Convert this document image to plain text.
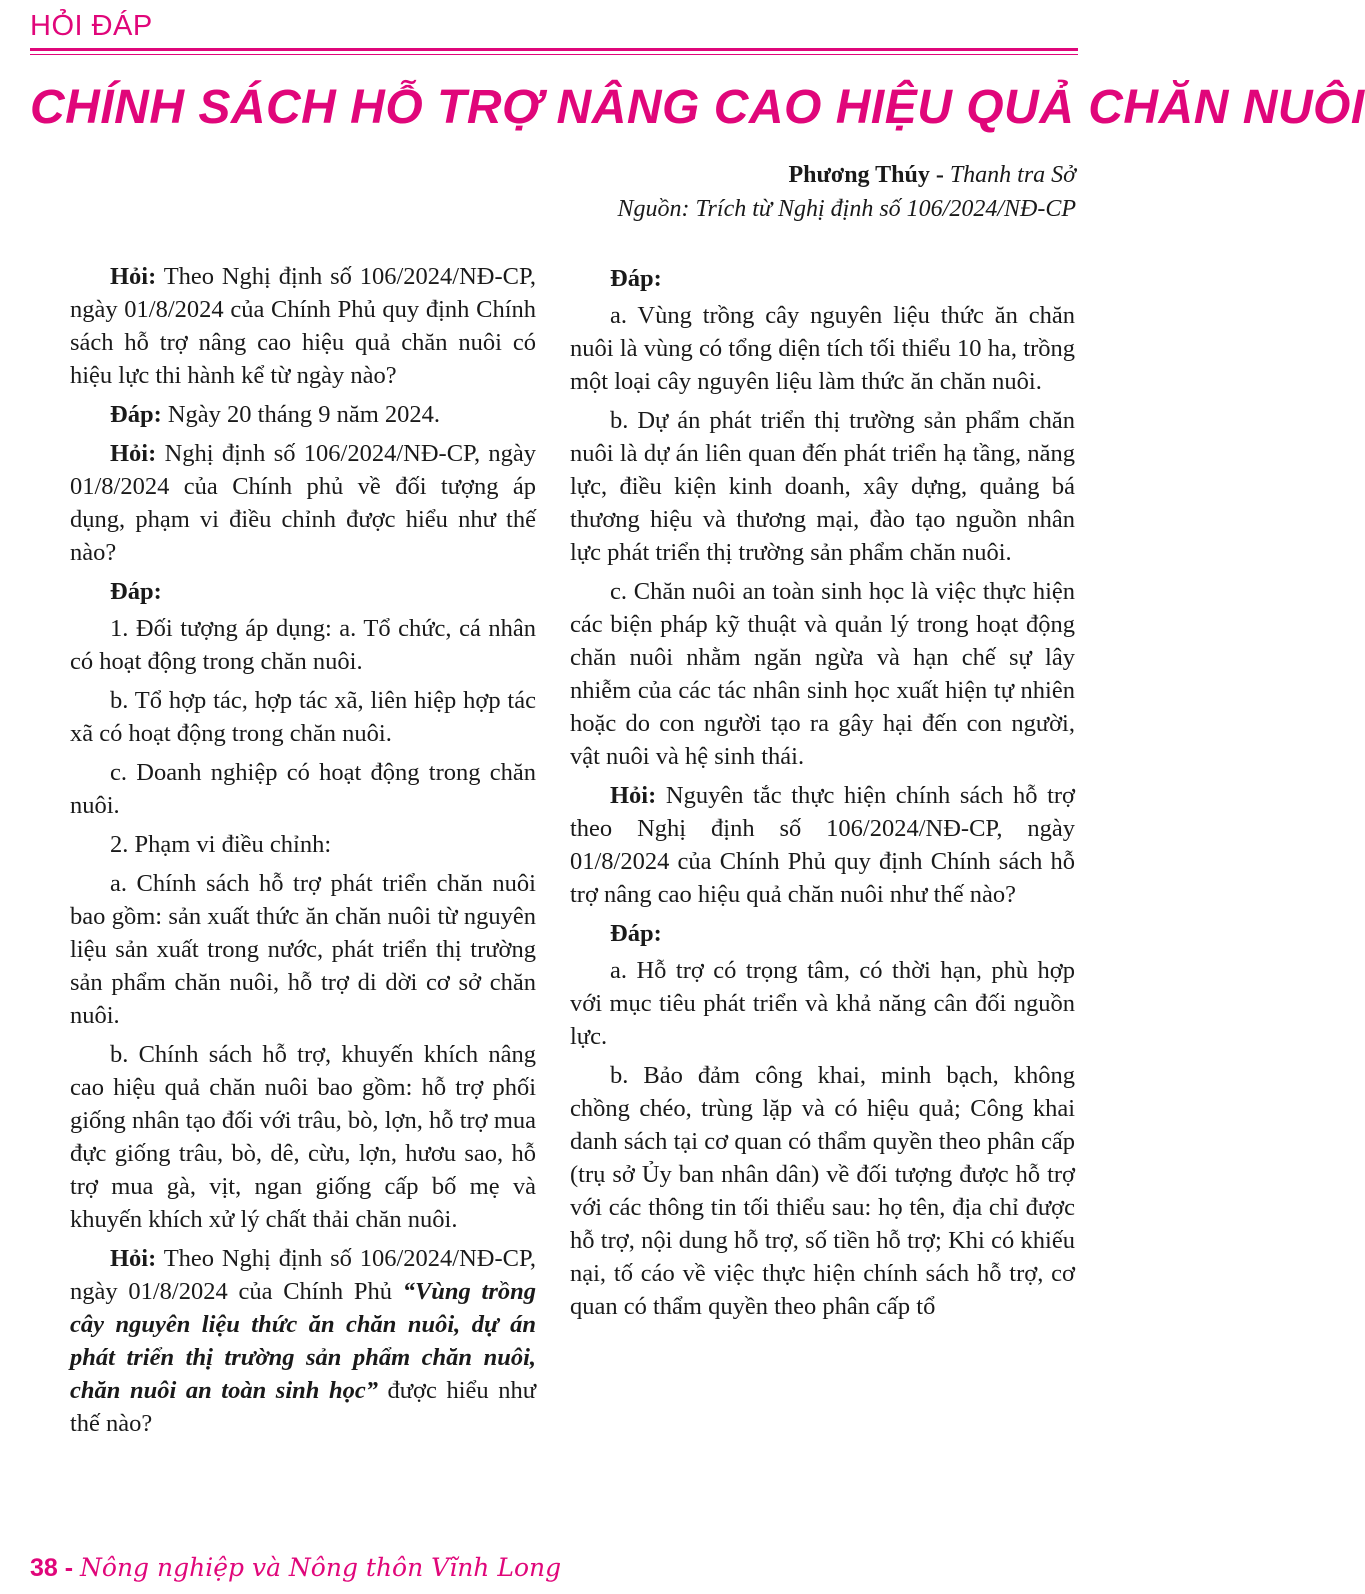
HỎI ĐÁP
CHÍNH SÁCH HỖ TRỢ NÂNG CAO HIỆU QUẢ CHĂN NUÔI
Phương Thúy - Thanh tra Sở
Nguồn: Trích từ Nghị định số 106/2024/NĐ-CP

Hỏi: Theo Nghị định số 106/2024/NĐ-CP, ngày 01/8/2024 của Chính Phủ quy định Chính sách hỗ trợ nâng cao hiệu quả chăn nuôi có hiệu lực thi hành kể từ ngày nào?

Đáp: Ngày 20 tháng 9 năm 2024.

Hỏi: Nghị định số 106/2024/NĐ-CP, ngày 01/8/2024 của Chính phủ về đối tượng áp dụng, phạm vi điều chỉnh được hiểu như thế nào?

Đáp:

1. Đối tượng áp dụng: a. Tổ chức, cá nhân có hoạt động trong chăn nuôi.

b. Tổ hợp tác, hợp tác xã, liên hiệp hợp tác xã có hoạt động trong chăn nuôi.

c. Doanh nghiệp có hoạt động trong chăn nuôi.

2. Phạm vi điều chỉnh:

a. Chính sách hỗ trợ phát triển chăn nuôi bao gồm: sản xuất thức ăn chăn nuôi từ nguyên liệu sản xuất trong nước, phát triển thị trường sản phẩm chăn nuôi, hỗ trợ di dời cơ sở chăn nuôi.

b. Chính sách hỗ trợ, khuyến khích nâng cao hiệu quả chăn nuôi bao gồm: hỗ trợ phối giống nhân tạo đối với trâu, bò, lợn, hỗ trợ mua đực giống trâu, bò, dê, cừu, lợn, hươu sao, hỗ trợ mua gà, vịt, ngan giống cấp bố mẹ và khuyến khích xử lý chất thải chăn nuôi.

Hỏi: Theo Nghị định số 106/2024/NĐ-CP, ngày 01/8/2024 của Chính Phủ “Vùng trồng cây nguyên liệu thức ăn chăn nuôi, dự án phát triển thị trường sản phẩm chăn nuôi, chăn nuôi an toàn sinh học” được hiểu như thế nào?

Đáp:

a. Vùng trồng cây nguyên liệu thức ăn chăn nuôi là vùng có tổng diện tích tối thiểu 10 ha, trồng một loại cây nguyên liệu làm thức ăn chăn nuôi.

b. Dự án phát triển thị trường sản phẩm chăn nuôi là dự án liên quan đến phát triển hạ tầng, năng lực, điều kiện kinh doanh, xây dựng, quảng bá thương hiệu và thương mại, đào tạo nguồn nhân lực phát triển thị trường sản phẩm chăn nuôi.

c. Chăn nuôi an toàn sinh học là việc thực hiện các biện pháp kỹ thuật và quản lý trong hoạt động chăn nuôi nhằm ngăn ngừa và hạn chế sự lây nhiễm của các tác nhân sinh học xuất hiện tự nhiên hoặc do con người tạo ra gây hại đến con người, vật nuôi và hệ sinh thái.

Hỏi: Nguyên tắc thực hiện chính sách hỗ trợ theo Nghị định số 106/2024/NĐ-CP, ngày 01/8/2024 của Chính Phủ quy định Chính sách hỗ trợ nâng cao hiệu quả chăn nuôi như thế nào?

Đáp:

a. Hỗ trợ có trọng tâm, có thời hạn, phù hợp với mục tiêu phát triển và khả năng cân đối nguồn lực.

b. Bảo đảm công khai, minh bạch, không chồng chéo, trùng lặp và có hiệu quả; Công khai danh sách tại cơ quan có thẩm quyền theo phân cấp (trụ sở Ủy ban nhân dân) về đối tượng được hỗ trợ với các thông tin tối thiểu sau: họ tên, địa chỉ được hỗ trợ, nội dung hỗ trợ, số tiền hỗ trợ; Khi có khiếu nại, tố cáo về việc thực hiện chính sách hỗ trợ, cơ quan có thẩm quyền theo phân cấp tổ

38 - Nông nghiệp và Nông thôn Vĩnh Long
